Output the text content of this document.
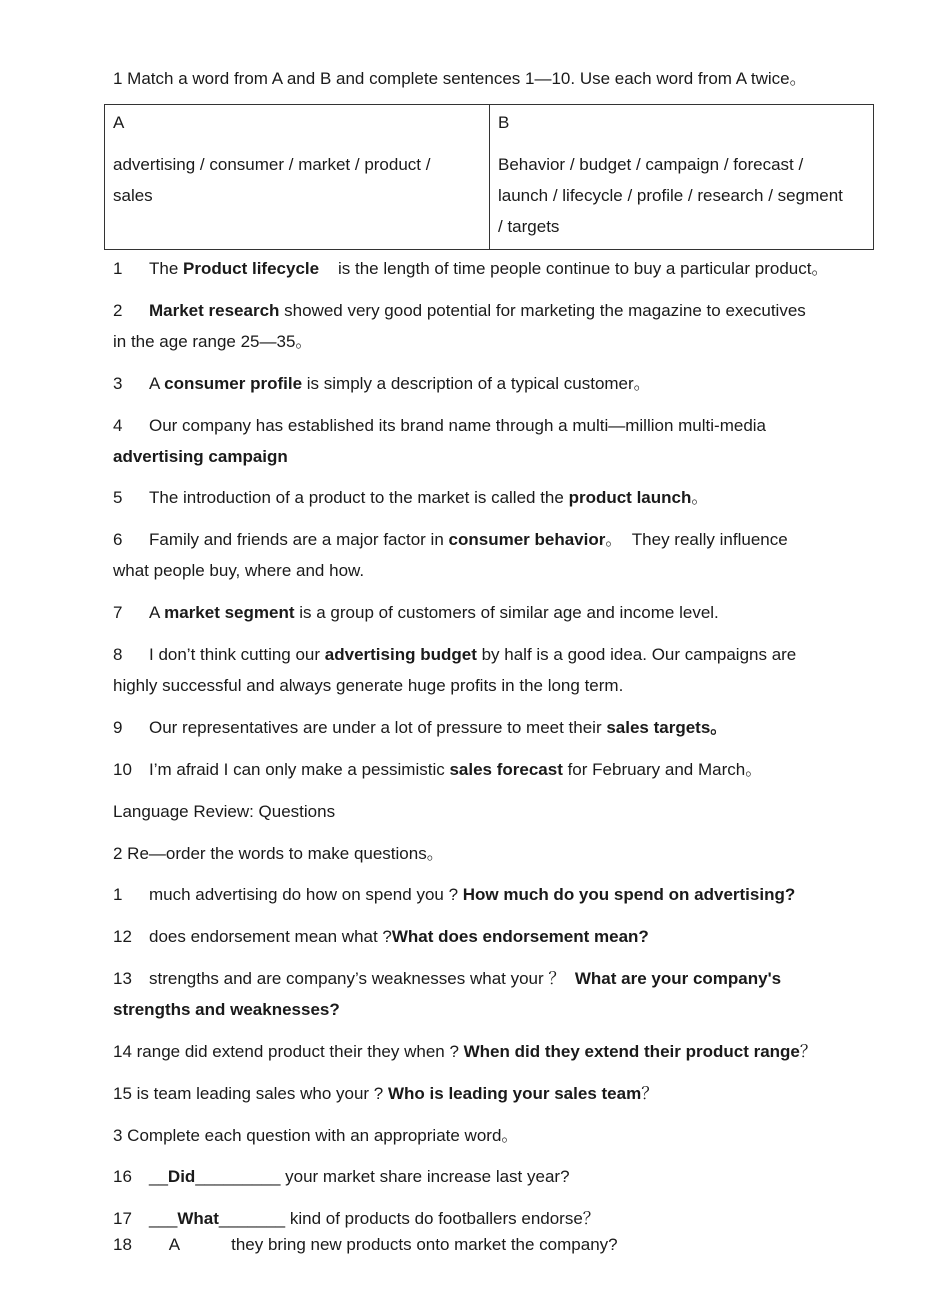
1 Match a word from A and B and complete sentences 1—10. Use each word from A twice。
A	B
advertising / consumer / market / product /
sales
Behavior / budget / campaign / forecast /
launch / lifecycle / profile / research / segment
/ targets
1 The Product lifecycle    is the length of time people continue to buy a particular product。
2 Market research showed very good potential for marketing the magazine to executives
in the age range 25—35。
3 A consumer profile is simply a description of a typical customer。
4 Our company has established its brand name through a multi—million multi-media
advertising campaign
5 The introduction of a product to the market is called the product launch。
6 Family and friends are a major factor in consumer behavior。  They really influence
what people buy, where and how.
7 A market segment is a group of customers of similar age and income level.
8 I don’t think cutting our advertising budget by half is a good idea. Our campaigns are
highly successful and always generate huge profits in the long term.
9 Our representatives are under a lot of pressure to meet their sales targets。
10 I’m afraid I can only make a pessimistic sales forecast for February and March。
Language Review: Questions
2 Re—order the words to make questions。
1 much advertising do how on spend you ? How much do you spend on advertising?
12 does endorsement mean what ?What does endorsement mean?
13 strengths and are company’s weaknesses what your ？  What are your company's
strengths and weaknesses?
14 range did extend product their they when ? When did they extend their product range？
15 is team leading sales who your ? Who is leading your sales team？
3 Complete each question with an appropriate word。
16 __Did_________ your market share increase last year?
17 ___What_______ kind of products do footballers endorse？
18        A           they bring new products onto market the company?
